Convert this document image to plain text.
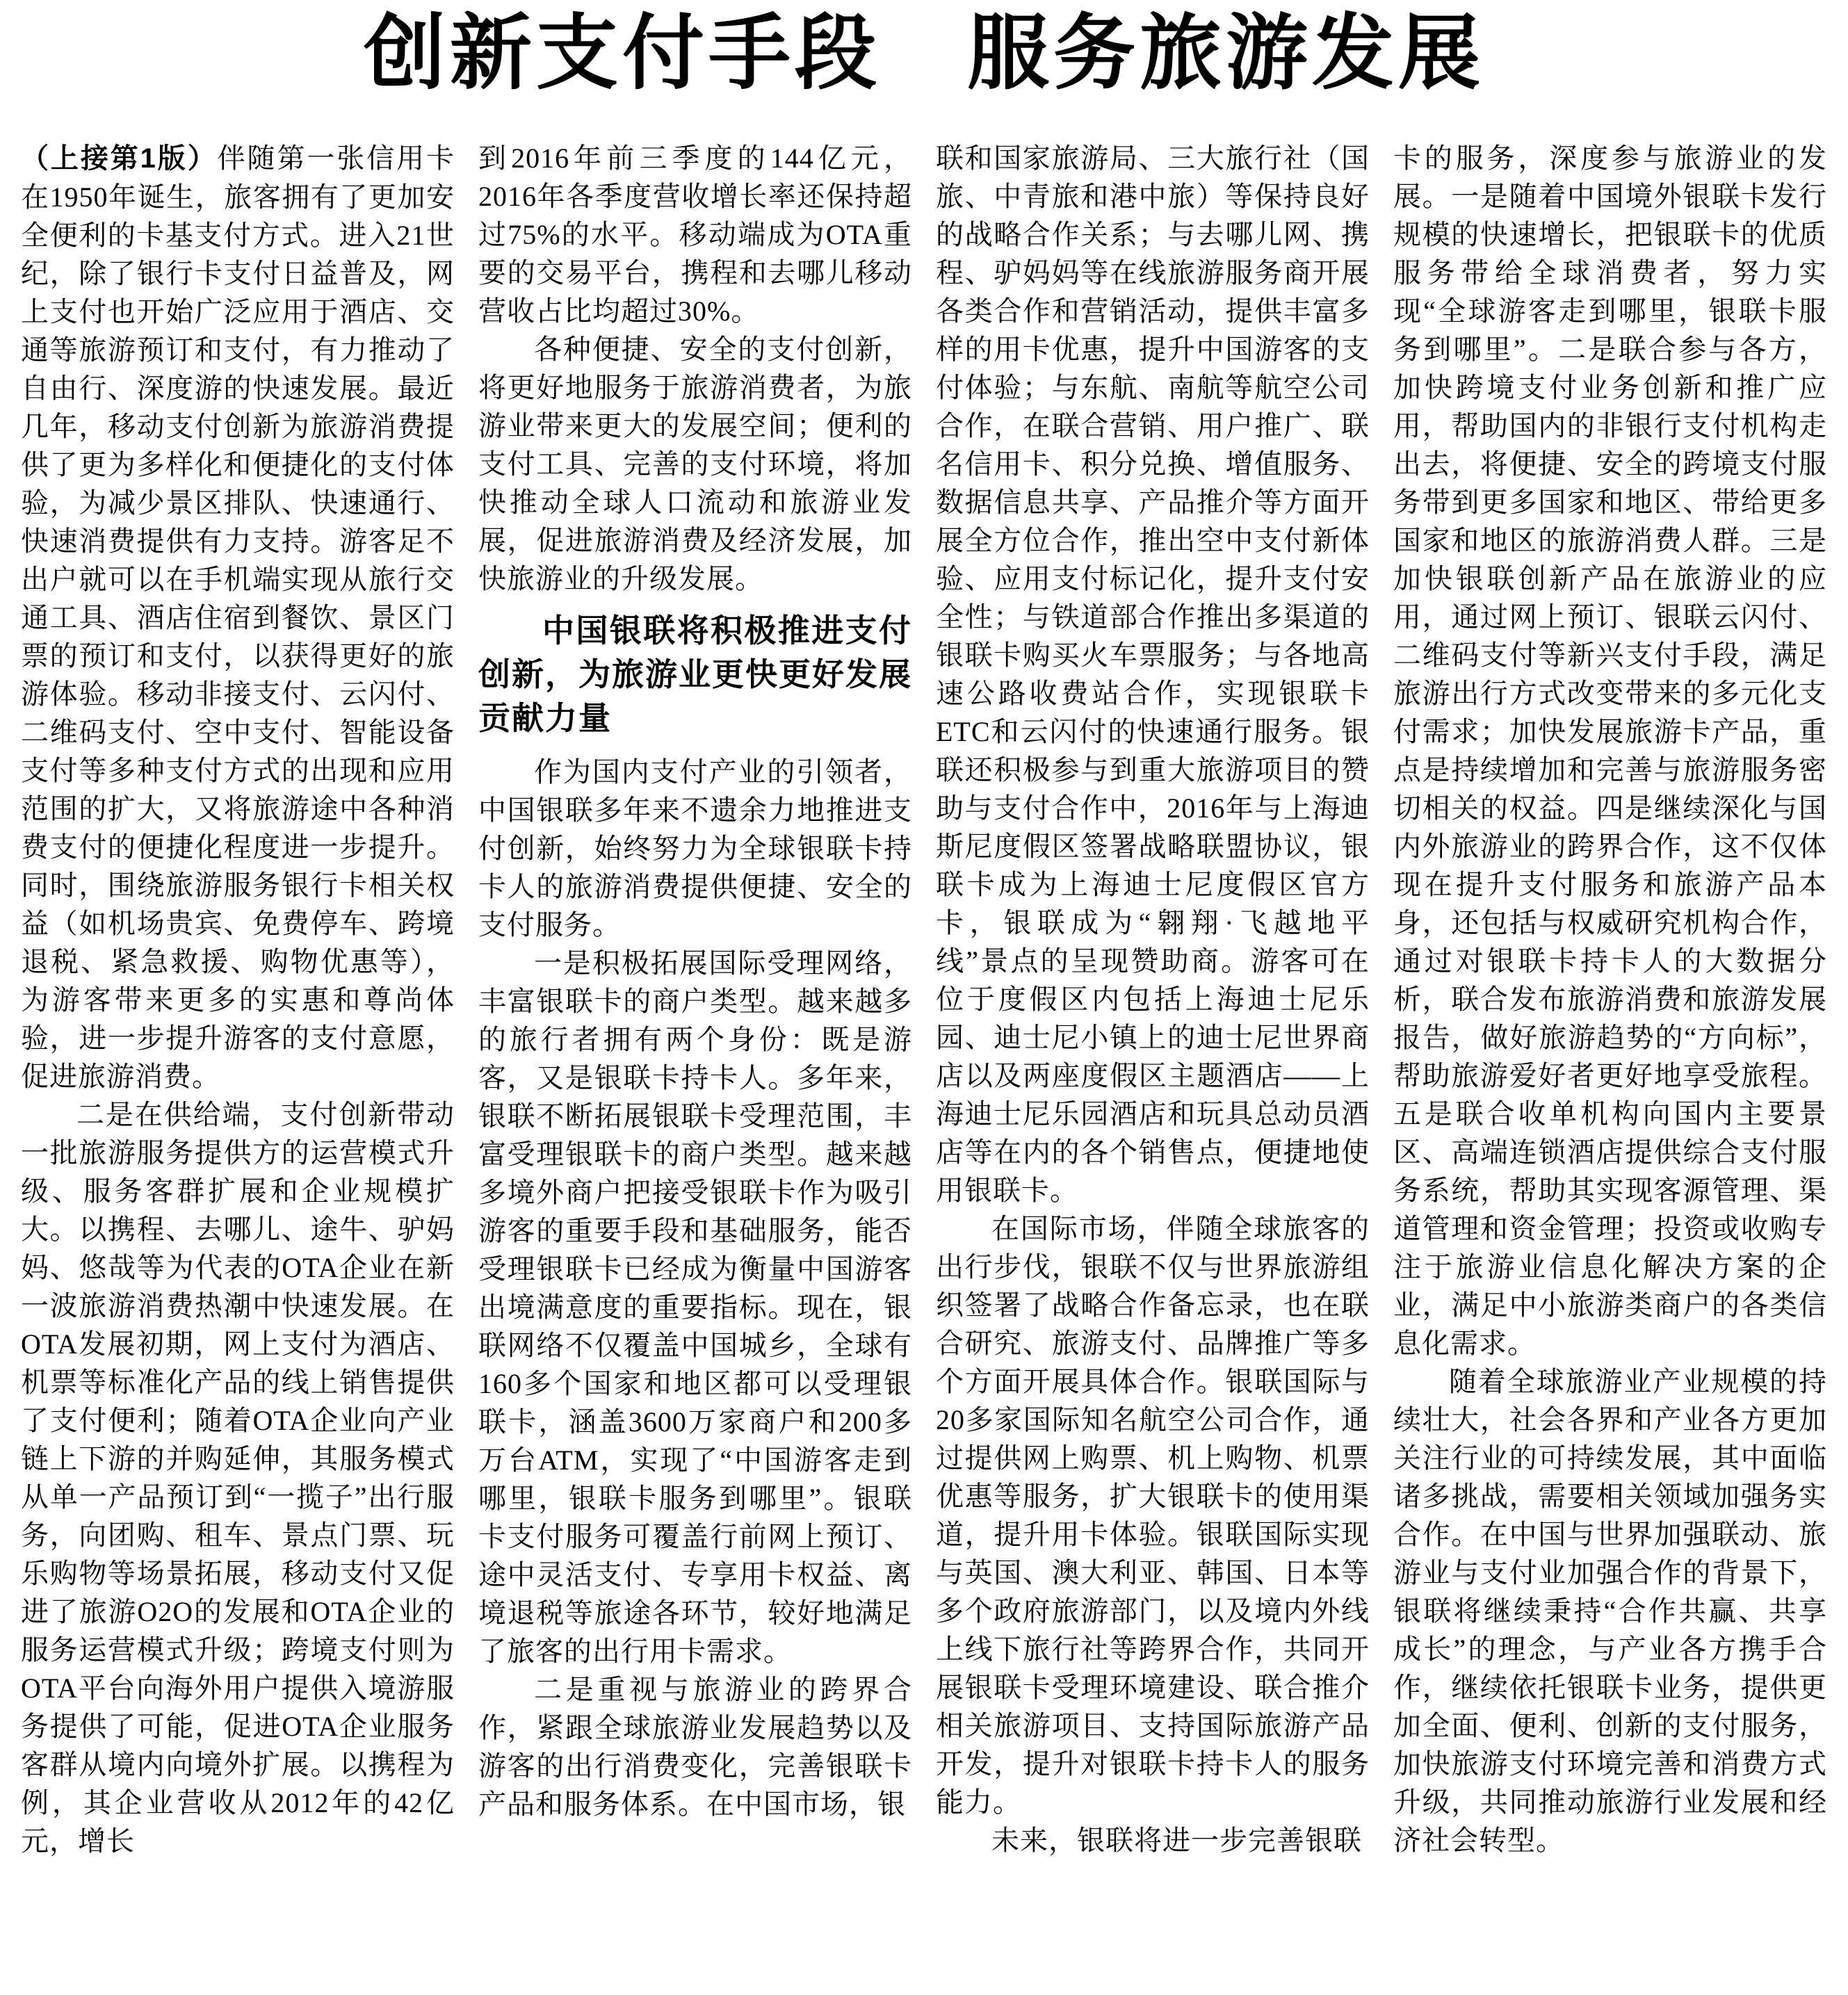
创新支付手段　服务旅游发展

（上接第1版）伴随第一张信用卡在1950年诞生，旅客拥有了更加安全便利的卡基支付方式。进入21世纪，除了银行卡支付日益普及，网上支付也开始广泛应用于酒店、交通等旅游预订和支付，有力推动了自由行、深度游的快速发展。最近几年，移动支付创新为旅游消费提供了更为多样化和便捷化的支付体验，为减少景区排队、快速通行、快速消费提供有力支持。游客足不出户就可以在手机端实现从旅行交通工具、酒店住宿到餐饮、景区门票的预订和支付，以获得更好的旅游体验。移动非接支付、云闪付、二维码支付、空中支付、智能设备支付等多种支付方式的出现和应用范围的扩大，又将旅游途中各种消费支付的便捷化程度进一步提升。同时，围绕旅游服务银行卡相关权益（如机场贵宾、免费停车、跨境退税、紧急救援、购物优惠等），为游客带来更多的实惠和尊尚体验，进一步提升游客的支付意愿，促进旅游消费。

二是在供给端，支付创新带动一批旅游服务提供方的运营模式升级、服务客群扩展和企业规模扩大。以携程、去哪儿、途牛、驴妈妈、悠哉等为代表的OTA企业在新一波旅游消费热潮中快速发展。在OTA发展初期，网上支付为酒店、机票等标准化产品的线上销售提供了支付便利；随着OTA企业向产业链上下游的并购延伸，其服务模式从单一产品预订到“一揽子”出行服务，向团购、租车、景点门票、玩乐购物等场景拓展，移动支付又促进了旅游O2O的发展和OTA企业的服务运营模式升级；跨境支付则为OTA平台向海外用户提供入境游服务提供了可能，促进OTA企业服务客群从境内向境外扩展。以携程为例，其企业营收从2012年的42亿元，增长

到2016年前三季度的144亿元，2016年各季度营收增长率还保持超过75%的水平。移动端成为OTA重要的交易平台，携程和去哪儿移动营收占比均超过30%。

各种便捷、安全的支付创新，将更好地服务于旅游消费者，为旅游业带来更大的发展空间；便利的支付工具、完善的支付环境，将加快推动全球人口流动和旅游业发展，促进旅游消费及经济发展，加快旅游业的升级发展。

中国银联将积极推进支付创新，为旅游业更快更好发展贡献力量

作为国内支付产业的引领者，中国银联多年来不遗余力地推进支付创新，始终努力为全球银联卡持卡人的旅游消费提供便捷、安全的支付服务。

一是积极拓展国际受理网络，丰富银联卡的商户类型。越来越多的旅行者拥有两个身份：既是游客，又是银联卡持卡人。多年来，银联不断拓展银联卡受理范围，丰富受理银联卡的商户类型。越来越多境外商户把接受银联卡作为吸引游客的重要手段和基础服务，能否受理银联卡已经成为衡量中国游客出境满意度的重要指标。现在，银联网络不仅覆盖中国城乡，全球有160多个国家和地区都可以受理银联卡，涵盖3600万家商户和200多万台ATM，实现了“中国游客走到哪里，银联卡服务到哪里”。银联卡支付服务可覆盖行前网上预订、途中灵活支付、专享用卡权益、离境退税等旅途各环节，较好地满足了旅客的出行用卡需求。

二是重视与旅游业的跨界合作，紧跟全球旅游业发展趋势以及游客的出行消费变化，完善银联卡产品和服务体系。在中国市场，银

联和国家旅游局、三大旅行社（国旅、中青旅和港中旅）等保持良好的战略合作关系；与去哪儿网、携程、驴妈妈等在线旅游服务商开展各类合作和营销活动，提供丰富多样的用卡优惠，提升中国游客的支付体验；与东航、南航等航空公司合作，在联合营销、用户推广、联名信用卡、积分兑换、增值服务、数据信息共享、产品推介等方面开展全方位合作，推出空中支付新体验、应用支付标记化，提升支付安全性；与铁道部合作推出多渠道的银联卡购买火车票服务；与各地高速公路收费站合作，实现银联卡ETC和云闪付的快速通行服务。银联还积极参与到重大旅游项目的赞助与支付合作中，2016年与上海迪斯尼度假区签署战略联盟协议，银联卡成为上海迪士尼度假区官方卡，银联成为“翱翔·飞越地平线”景点的呈现赞助商。游客可在位于度假区内包括上海迪士尼乐园、迪士尼小镇上的迪士尼世界商店以及两座度假区主题酒店——上海迪士尼乐园酒店和玩具总动员酒店等在内的各个销售点，便捷地使用银联卡。

在国际市场，伴随全球旅客的出行步伐，银联不仅与世界旅游组织签署了战略合作备忘录，也在联合研究、旅游支付、品牌推广等多个方面开展具体合作。银联国际与20多家国际知名航空公司合作，通过提供网上购票、机上购物、机票优惠等服务，扩大银联卡的使用渠道，提升用卡体验。银联国际实现与英国、澳大利亚、韩国、日本等多个政府旅游部门，以及境内外线上线下旅行社等跨界合作，共同开展银联卡受理环境建设、联合推介相关旅游项目、支持国际旅游产品开发，提升对银联卡持卡人的服务能力。

未来，银联将进一步完善银联

卡的服务，深度参与旅游业的发展。一是随着中国境外银联卡发行规模的快速增长，把银联卡的优质服务带给全球消费者，努力实现“全球游客走到哪里，银联卡服务到哪里”。二是联合参与各方，加快跨境支付业务创新和推广应用，帮助国内的非银行支付机构走出去，将便捷、安全的跨境支付服务带到更多国家和地区、带给更多国家和地区的旅游消费人群。三是加快银联创新产品在旅游业的应用，通过网上预订、银联云闪付、二维码支付等新兴支付手段，满足旅游出行方式改变带来的多元化支付需求；加快发展旅游卡产品，重点是持续增加和完善与旅游服务密切相关的权益。四是继续深化与国内外旅游业的跨界合作，这不仅体现在提升支付服务和旅游产品本身，还包括与权威研究机构合作，通过对银联卡持卡人的大数据分析，联合发布旅游消费和旅游发展报告，做好旅游趋势的“方向标”，帮助旅游爱好者更好地享受旅程。五是联合收单机构向国内主要景区、高端连锁酒店提供综合支付服务系统，帮助其实现客源管理、渠道管理和资金管理；投资或收购专注于旅游业信息化解决方案的企业，满足中小旅游类商户的各类信息化需求。

随着全球旅游业产业规模的持续壮大，社会各界和产业各方更加关注行业的可持续发展，其中面临诸多挑战，需要相关领域加强务实合作。在中国与世界加强联动、旅游业与支付业加强合作的背景下，银联将继续秉持“合作共赢、共享成长”的理念，与产业各方携手合作，继续依托银联卡业务，提供更加全面、便利、创新的支付服务，加快旅游支付环境完善和消费方式升级，共同推动旅游行业发展和经济社会转型。
